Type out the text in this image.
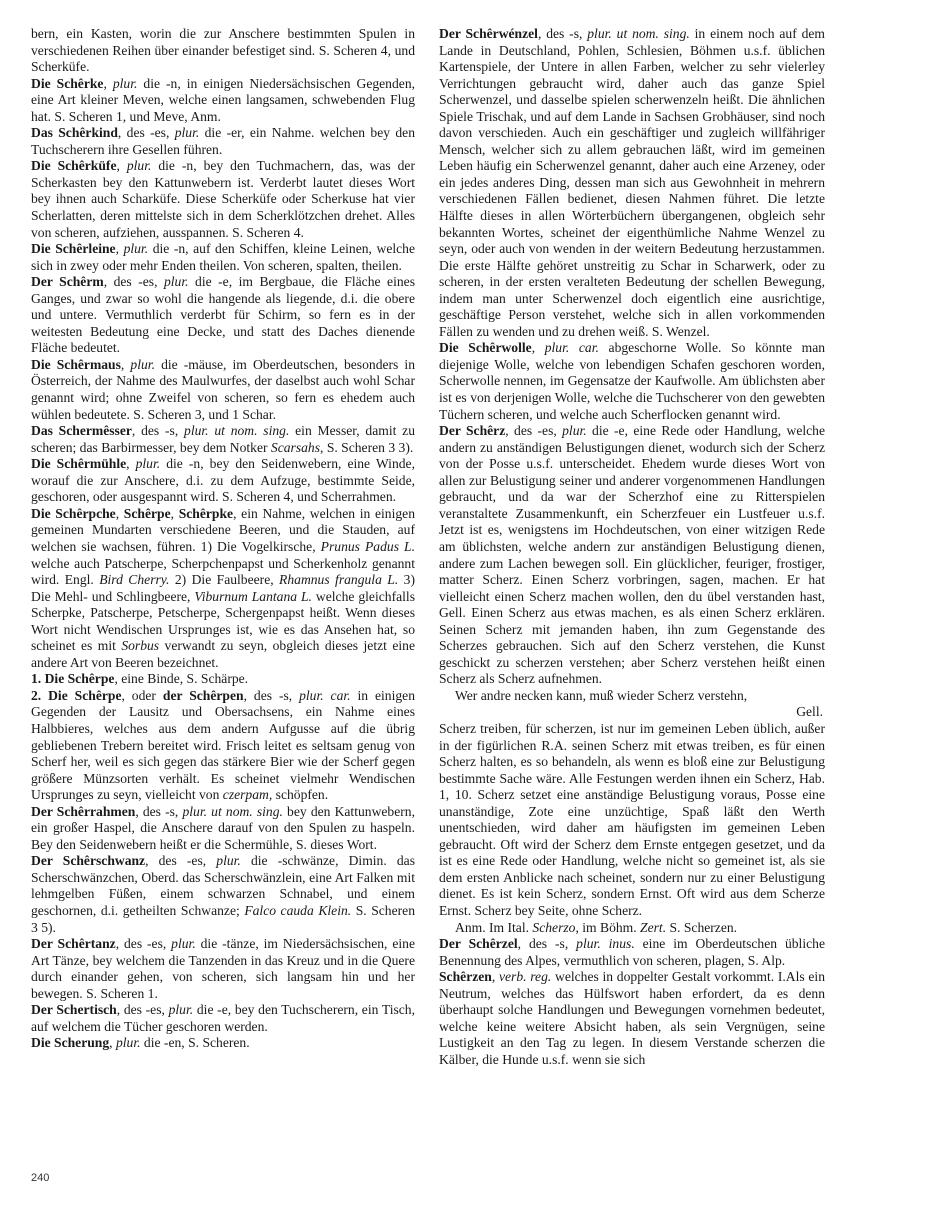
bern, ein Kasten, worin die zur Anschere bestimmten Spulen in verschiedenen Reihen über einander befestiget sind. S. Scheren 4, und Scherküfe.

Die Schêrke, plur. die -n, in einigen Niedersächsischen Gegenden, eine Art kleiner Meven, welche einen langsamen, schwebenden Flug hat. S. Scheren 1, und Meve, Anm.

Das Schêrkind, des -es, plur. die -er, ein Nahme. welchen bey den Tuchscherern ihre Gesellen führen.

Die Schêrküfe, plur. die -n, bey den Tuchmachern, das, was der Scherkasten bey den Kattunwebern ist. Verderbt lautet dieses Wort bey ihnen auch Scharküfe. Diese Scherküfe oder Scherkuse hat vier Scherlatten, deren mittelste sich in dem Scherklötzchen drehet. Alles von scheren, aufziehen, ausspannen. S. Scheren 4.

Die Schêrleine, plur. die -n, auf den Schiffen, kleine Leinen, welche sich in zwey oder mehr Enden theilen. Von scheren, spalten, theilen.

Der Schêrm, des -es, plur. die -e, im Bergbaue, die Fläche eines Ganges, und zwar so wohl die hangende als liegende, d.i. die obere und untere. Vermuthlich verderbt für Schirm, so fern es in der weitesten Bedeutung eine Decke, und statt des Daches dienende Fläche bedeutet.

Die Schêrmaus, plur. die -mäuse, im Oberdeutschen, besonders in Österreich, der Nahme des Maulwurfes, der daselbst auch wohl Schar genannt wird; ohne Zweifel von scheren, so fern es ehedem auch wühlen bedeutete. S. Scheren 3, und 1 Schar.

Das Schermêsser, des -s, plur. ut nom. sing. ein Messer, damit zu scheren; das Barbirmesser, bey dem Notker Scarsahs, S. Scheren 3 3).

Die Schêrmühle, plur. die -n, bey den Seidenwebern, eine Winde, worauf die zur Anschere, d.i. zu dem Aufzuge, bestimmte Seide, geschoren, oder ausgespannt wird. S. Scheren 4, und Scherrahmen.

Die Schêrpche, Schêrpe, Schêrpke, ein Nahme, welchen in einigen gemeinen Mundarten verschiedene Beeren, und die Stauden, auf welchen sie wachsen, führen. 1) Die Vogelkirsche, Prunus Padus L. welche auch Patscherpe, Scherpchenpapst und Scherkenholz genannt wird. Engl. Bird Cherry. 2) Die Faulbeere, Rhamnus frangula L. 3) Die Mehl- und Schlingbeere, Viburnum Lantana L. welche gleichfalls Scherpke, Patscherpe, Petscherpe, Schergenpapst heißt. Wenn dieses Wort nicht Wendischen Ursprunges ist, wie es das Ansehen hat, so scheinet es mit Sorbus verwandt zu seyn, obgleich dieses jetzt eine andere Art von Beeren bezeichnet.

1. Die Schêrpe, eine Binde, S. Schärpe.

2. Die Schêrpe, oder der Schêrpen, des -s, plur. car. in einigen Gegenden der Lausitz und Obersachsens, ein Nahme eines Halbbieres, welches aus dem andern Aufgusse auf die übrig gebliebenen Trebern bereitet wird. Frisch leitet es seltsam genug von Scherf her, weil es sich gegen das stärkere Bier wie der Scherf gegen größere Münzsorten verhält. Es scheinet vielmehr Wendischen Ursprunges zu seyn, vielleicht von czerpam, schöpfen.

Der Schêrrahmen, des -s, plur. ut nom. sing. bey den Kattunwebern, ein großer Haspel, die Anschere darauf von den Spulen zu haspeln. Bey den Seidenwebern heißt er die Schermühle, S. dieses Wort.

Der Schêrschwanz, des -es, plur. die -schwänze, Dimin. das Scherschwänzchen, Oberd. das Scherschwänzlein, eine Art Falken mit lehmgelben Füßen, einem schwarzen Schnabel, und einem geschornen, d.i. getheilten Schwanze; Falco cauda Klein. S. Scheren 3 5).

Der Schêrtanz, des -es, plur. die -tänze, im Niedersächsischen, eine Art Tänze, bey welchem die Tanzenden in das Kreuz und in die Quere durch einander gehen, von scheren, sich langsam hin und her bewegen. S. Scheren 1.

Der Schertisch, des -es, plur. die -e, bey den Tuchscherern, ein Tisch, auf welchem die Tücher geschoren werden.

Die Scherung, plur. die -en, S. Scheren.

Der Schêrwénzel, des -s, plur. ut nom. sing. in einem noch auf dem Lande in Deutschland, Pohlen, Schlesien, Böhmen u.s.f. üblichen Kartenspiele, der Untere in allen Farben, welcher zu sehr vielerley Verrichtungen gebraucht wird, daher auch das ganze Spiel Scherwenzel, und dasselbe spielen scherwenzeln heißt. Die ähnlichen Spiele Trischak, und auf dem Lande in Sachsen Grobhäuser, sind noch davon verschieden. Auch ein geschäftiger und zugleich willfähriger Mensch, welcher sich zu allem gebrauchen läßt, wird im gemeinen Leben häufig ein Scherwenzel genannt, daher auch eine Arzeney, oder ein jedes anderes Ding, dessen man sich aus Gewohnheit in mehrern verschiedenen Fällen bedienet, diesen Nahmen führet. Die letzte Hälfte dieses in allen Wörterbüchern übergangenen, obgleich sehr bekannten Wortes, scheinet der eigenthümliche Nahme Wenzel zu seyn, oder auch von wenden in der weitern Bedeutung herzustammen. Die erste Hälfte gehöret unstreitig zu Schar in Scharwerk, oder zu scheren, in der ersten veralteten Bedeutung der schellen Bewegung, indem man unter Scherwenzel doch eigentlich eine ausrichtige, geschäftige Person verstehet, welche sich in allen vorkommenden Fällen zu wenden und zu drehen weiß. S. Wenzel.

Die Schêrwolle, plur. car. abgeschorne Wolle. So könnte man diejenige Wolle, welche von lebendigen Schafen geschoren worden, Scherwolle nennen, im Gegensatze der Kaufwolle. Am üblichsten aber ist es von derjenigen Wolle, welche die Tuchscherer von den gewebten Tüchern scheren, und welche auch Scherflocken genannt wird.

Der Schêrz, des -es, plur. die -e, eine Rede oder Handlung, welche andern zu anständigen Belustigungen dienet, wodurch sich der Scherz von der Posse u.s.f. unterscheidet. Ehedem wurde dieses Wort von allen zur Belustigung seiner und anderer vorgenommenen Handlungen gebraucht, und da war der Scherzhof eine zu Ritterspielen veranstaltete Zusammenkunft, ein Scherzfeuer ein Lustfeuer u.s.f. Jetzt ist es, wenigstens im Hochdeutschen, von einer witzigen Rede am üblichsten, welche andern zur anständigen Belustigung dienen, andere zum Lachen bewegen soll. Ein glücklicher, feuriger, frostiger, matter Scherz. Einen Scherz vorbringen, sagen, machen. Er hat vielleicht einen Scherz machen wollen, den du übel verstanden hast, Gell. Einen Scherz aus etwas machen, es als einen Scherz erklären. Seinen Scherz mit jemanden haben, ihn zum Gegenstande des Scherzes gebrauchen. Sich auf den Scherz verstehen, die Kunst geschickt zu scherzen verstehen; aber Scherz verstehen heißt einen Scherz als Scherz aufnehmen.

Wer andre necken kann, muß wieder Scherz verstehn,

Gell.

Scherz treiben, für scherzen, ist nur im gemeinen Leben üblich, außer in der figürlichen R.A. seinen Scherz mit etwas treiben, es für einen Scherz halten, es so behandeln, als wenn es bloß eine zur Belustigung bestimmte Sache wäre. Alle Festungen werden ihnen ein Scherz, Hab. 1, 10. Scherz setzet eine anständige Belustigung voraus, Posse eine unanständige, Zote eine unzüchtige, Spaß läßt den Werth unentschieden, wird daher am häufigsten im gemeinen Leben gebraucht. Oft wird der Scherz dem Ernste entgegen gesetzet, und da ist es eine Rede oder Handlung, welche nicht so gemeinet ist, als sie dem ersten Anblicke nach scheinet, sondern nur zu einer Belustigung dienet. Es ist kein Scherz, sondern Ernst. Oft wird aus dem Scherze Ernst. Scherz bey Seite, ohne Scherz.

Anm. Im Ital. Scherzo, im Böhm. Zert. S. Scherzen.

Der Schêrzel, des -s, plur. inus. eine im Oberdeutschen übliche Benennung des Alpes, vermuthlich von scheren, plagen, S. Alp.

Schêrzen, verb. reg. welches in doppelter Gestalt vorkommt. I.Als ein Neutrum, welches das Hülfswort haben erfordert, da es denn überhaupt solche Handlungen und Bewegungen vornehmen bedeutet, welche keine weitere Absicht haben, als sein Vergnügen, seine Lustigkeit an den Tag zu legen. In diesem Verstande scherzen die Kälber, die Hunde u.s.f. wenn sie sich

240
